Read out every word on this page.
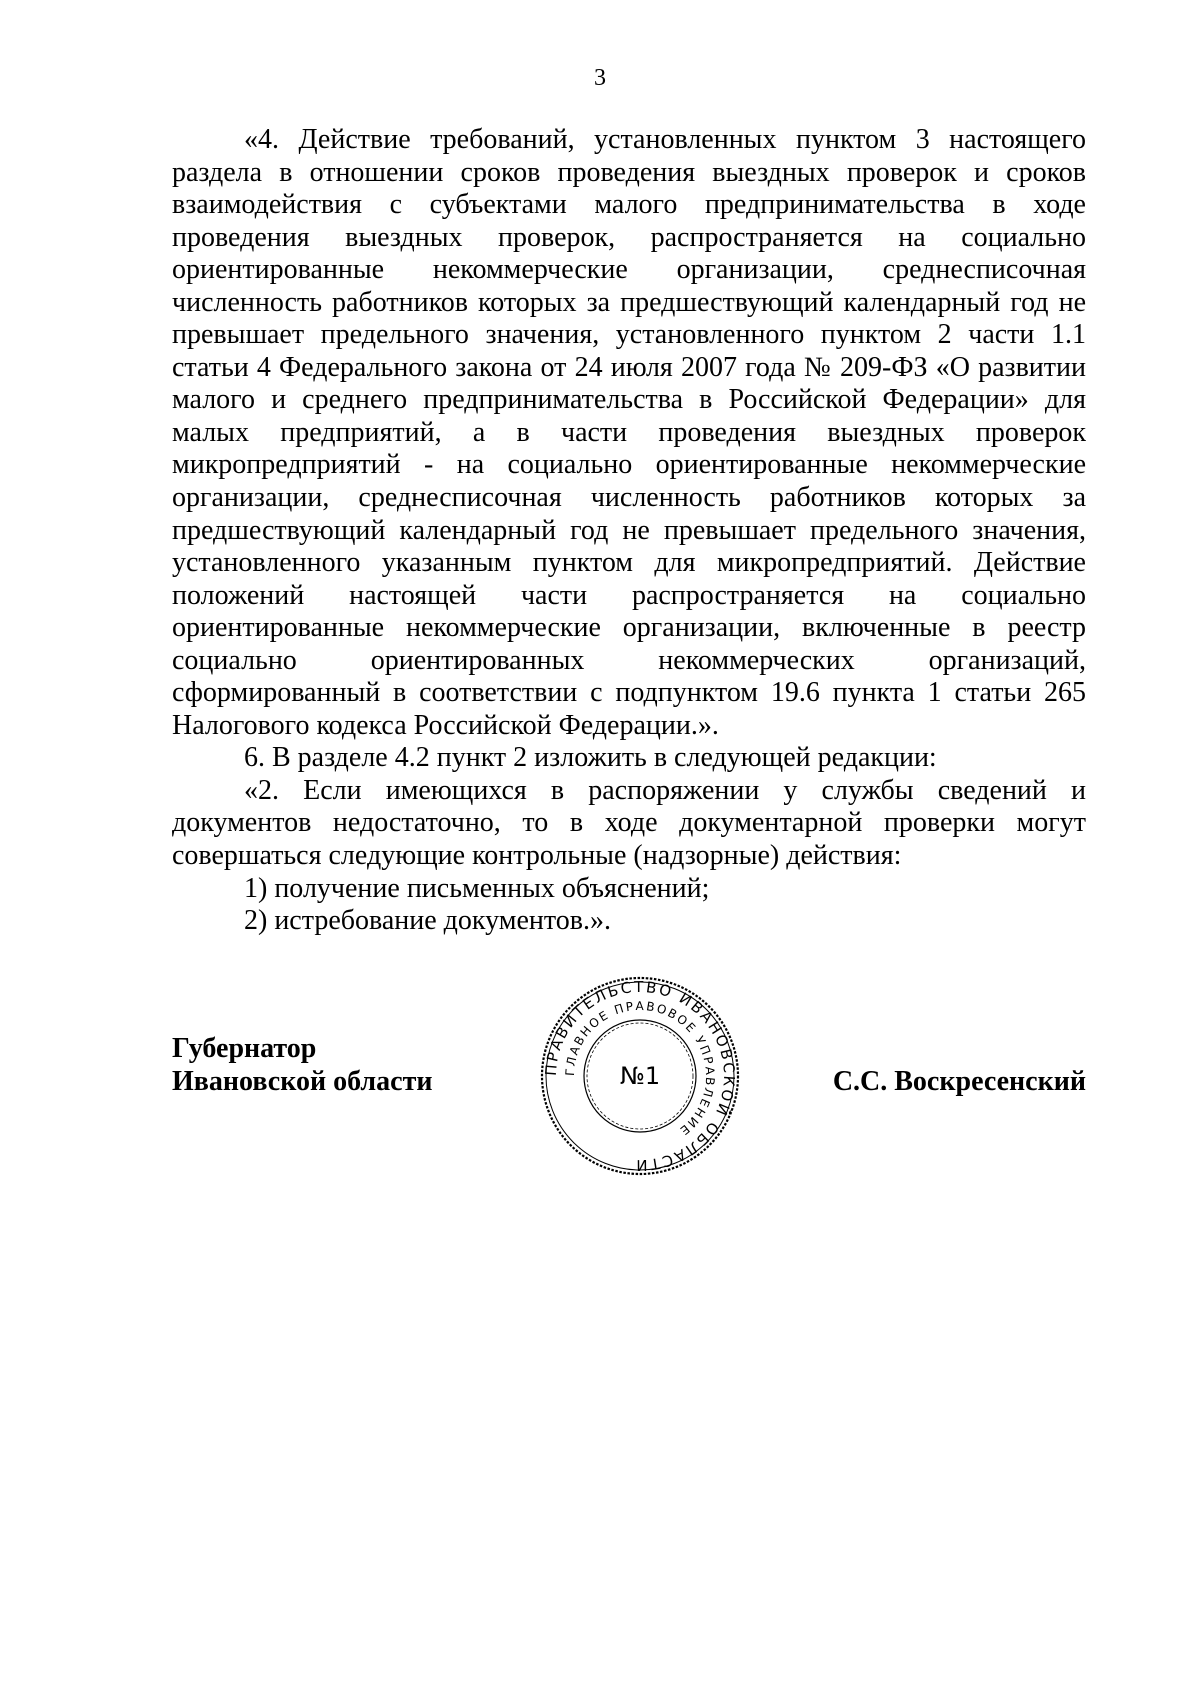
3

«4. Действие требований, установленных пунктом 3 настоящего раздела в отношении сроков проведения выездных проверок и сроков взаимодействия с субъектами малого предпринимательства в ходе проведения выездных проверок, распространяется на социально ориентированные некоммерческие организации, среднесписочная численность работников которых за предшествующий календарный год не превышает предельного значения, установленного пунктом 2 части 1.1 статьи 4 Федерального закона от 24 июля 2007 года № 209-ФЗ «О развитии малого и среднего предпринимательства в Российской Федерации» для малых предприятий, а в части проведения выездных проверок микропредприятий - на социально ориентированные некоммерческие организации, среднесписочная численность работников которых за предшествующий календарный год не превышает предельного значения, установленного указанным пунктом для микропредприятий. Действие положений настоящей части распространяется на социально ориентированные некоммерческие организации, включенные в реестр социально ориентированных некоммерческих организаций, сформированный в соответствии с подпунктом 19.6 пункта 1 статьи 265 Налогового кодекса Российской Федерации.».

6. В разделе 4.2 пункт 2 изложить в следующей редакции:

«2. Если имеющихся в распоряжении у службы сведений и документов недостаточно, то в ходе документарной проверки могут совершаться следующие контрольные (надзорные) действия:

1) получение письменных объяснений;

2) истребование документов.».

Губернатор
Ивановской области	С.С. Воскресенский
ПРАВИТЕЛЬСТВО ИВАНОВСКОЙ ОБЛАСТИ
ГЛАВНОЕ ПРАВОВОЕ УПРАВЛЕНИЕ
№1
